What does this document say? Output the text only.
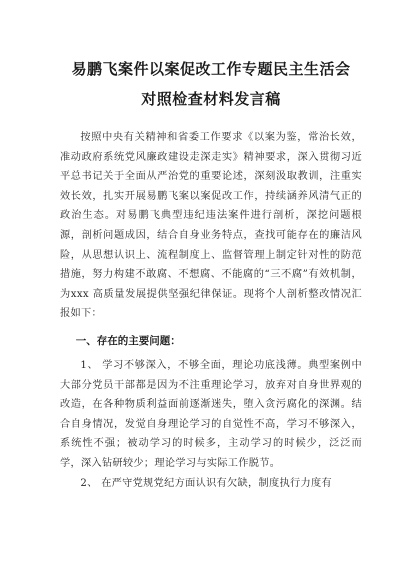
易鹏飞案件以案促改工作专题民主生活会

对照检查材料发言稿

按照中央有关精神和省委工作要求《以案为鉴，常治长效，准动政府系统党风廉政建设走深走实》精神要求，深入贯彻习近平总书记关于全面从严治党的重要论述，深刻汲取教训，注重实效长效，扎实开展易鹏飞案以案促改工作，持续涵养风清气正的政治生态。对易鹏飞典型违纪违法案件进行剖析，深挖问题根源，剖析问题成因，结合自身业务特点，查找可能存在的廉洁风险，从思想认识上、流程制度上、监督管理上制定针对性的防范措施，努力构建不敢腐、不想腐、不能腐的“三不腐”有效机制，为xxx 高质量发展提供坚强纪律保证。现将个人剖析整改情况汇报如下：

一、存在的主要问题：

1、 学习不够深入，不够全面，理论功底浅薄。典型案例中大部分党员干部都是因为不注重理论学习，放弃对自身世界观的改造，在各种物质利益面前逐渐迷失，堕入贪污腐化的深渊。结合自身情况，发觉自身理论学习的自觉性不高，学习不够深入，系统性不强；被动学习的时候多，主动学习的时候少，泛泛而学，深入钻研较少；理论学习与实际工作脱节。

2、 在严守党规党纪方面认识有欠缺，制度执行力度有
